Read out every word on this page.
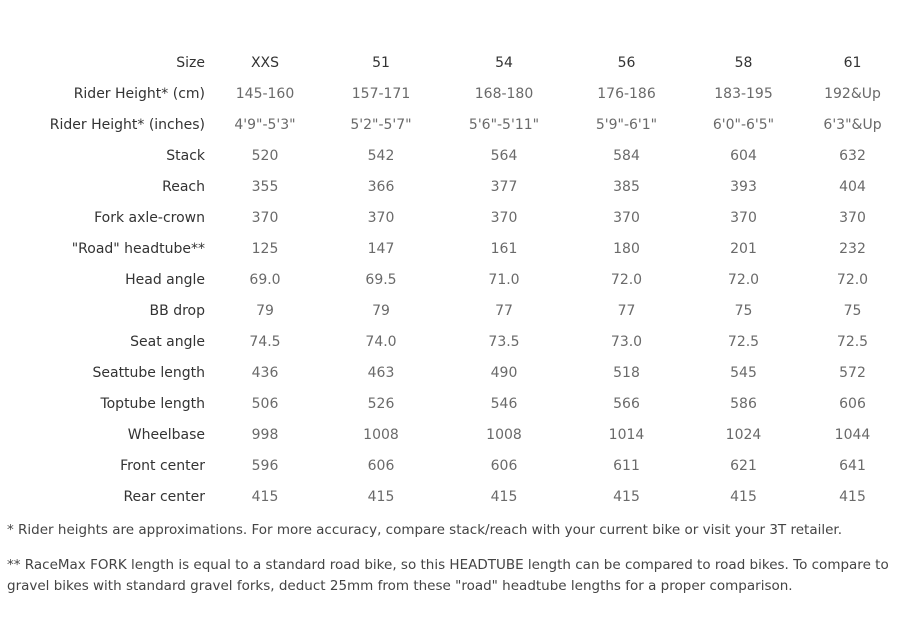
Size	XXS	51	54	56	58	61
Rider Height* (cm)	145-160	157-171	168-180	176-186	183-195	192&Up
Rider Height* (inches)	4'9"-5'3"	5'2"-5'7"	5'6"-5'11"	5'9"-6'1"	6'0"-6'5"	6'3"&Up
Stack	520	542	564	584	604	632
Reach	355	366	377	385	393	404
Fork axle-crown	370	370	370	370	370	370
"Road" headtube**	125	147	161	180	201	232
Head angle	69.0	69.5	71.0	72.0	72.0	72.0
BB drop	79	79	77	77	75	75
Seat angle	74.5	74.0	73.5	73.0	72.5	72.5
Seattube length	436	463	490	518	545	572
Toptube length	506	526	546	566	586	606
Wheelbase	998	1008	1008	1014	1024	1044
Front center	596	606	606	611	621	641
Rear center	415	415	415	415	415	415

* Rider heights are approximations. For more accuracy, compare stack/reach with your current bike or visit your 3T retailer.

** RaceMax FORK length is equal to a standard road bike, so this HEADTUBE length can be compared to road bikes. To compare to gravel bikes with standard gravel forks, deduct 25mm from these "road" headtube lengths for a proper comparison.
